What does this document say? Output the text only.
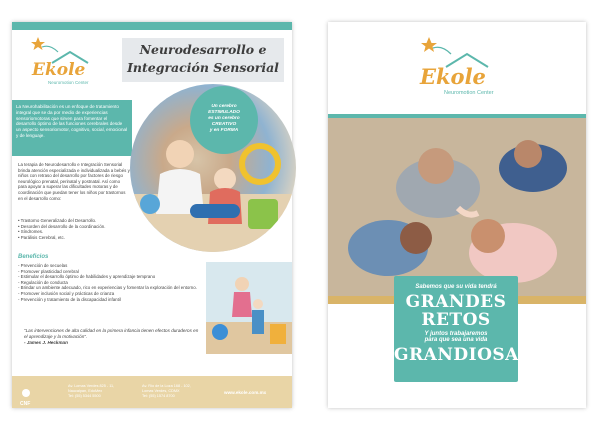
Ekole
Neuromotion Center
Neurodesarrollo e
Integración Sensorial
La Neurohabilitación es un enfoque de tratamiento integral que se da por medio de experiencias sensoriomotoras que sirven para fomentar el desarrollo óptimo de las funciones cerebrales desde un aspecto sensoriomotor, cognitivo, social, emocional y de lenguaje.
Un cerebro
ESTIMULADO
es un cerebro
CREATIVO
y en FORMA
La terapia de Neurodesarrollo e Integración Sensorial brinda atención especializada e individualizada a bebés y niños con retraso del desarrollo por factores de riesgo neurológico prenatal, perinatal y postnatal. Así como para apoyar a superar las dificultades motoras y de coordinación que puedan tener los niños por trastornos en el desarrollo como:
• Trastorno Generalizado del Desarrollo.
• Desorden del desarrollo de la coordinación.
• Síndromes.
• Parálisis Cerebral, etc.
Beneficios
- Prevención de secuelas
- Promover plasticidad cerebral
- Estimular el desarrollo óptimo de habilidades y aprendizaje temprano
- Regulación de conducta
- Brindar un ambiente adecuado, rico en experiencias y fomentar la exploración del entorno.
- Promover inclusión social y prácticas de crianza
- Prevención y tratamiento de la discapacidad infantil
"Las intervenciones de alta calidad en la primera infancia tienen efectos duraderos en el aprendizaje y la motivación".
- James J. Heckman
CNF
Av. Lomas Verdes 825 - 11,
Naucalpan, EdoMex
Tel: (55) 5344 5500
Av. Río de la Loza 168 - 102,
Lomas Verdes, CDMX
Tel: (55) 1574 8700
www.ekole.com.mx
Ekole
Neuromotion Center
Sabemos que su vida tendrá
GRANDES
RETOS
Y juntos trabajaremos
para que sea una vida
GRANDIOSA
